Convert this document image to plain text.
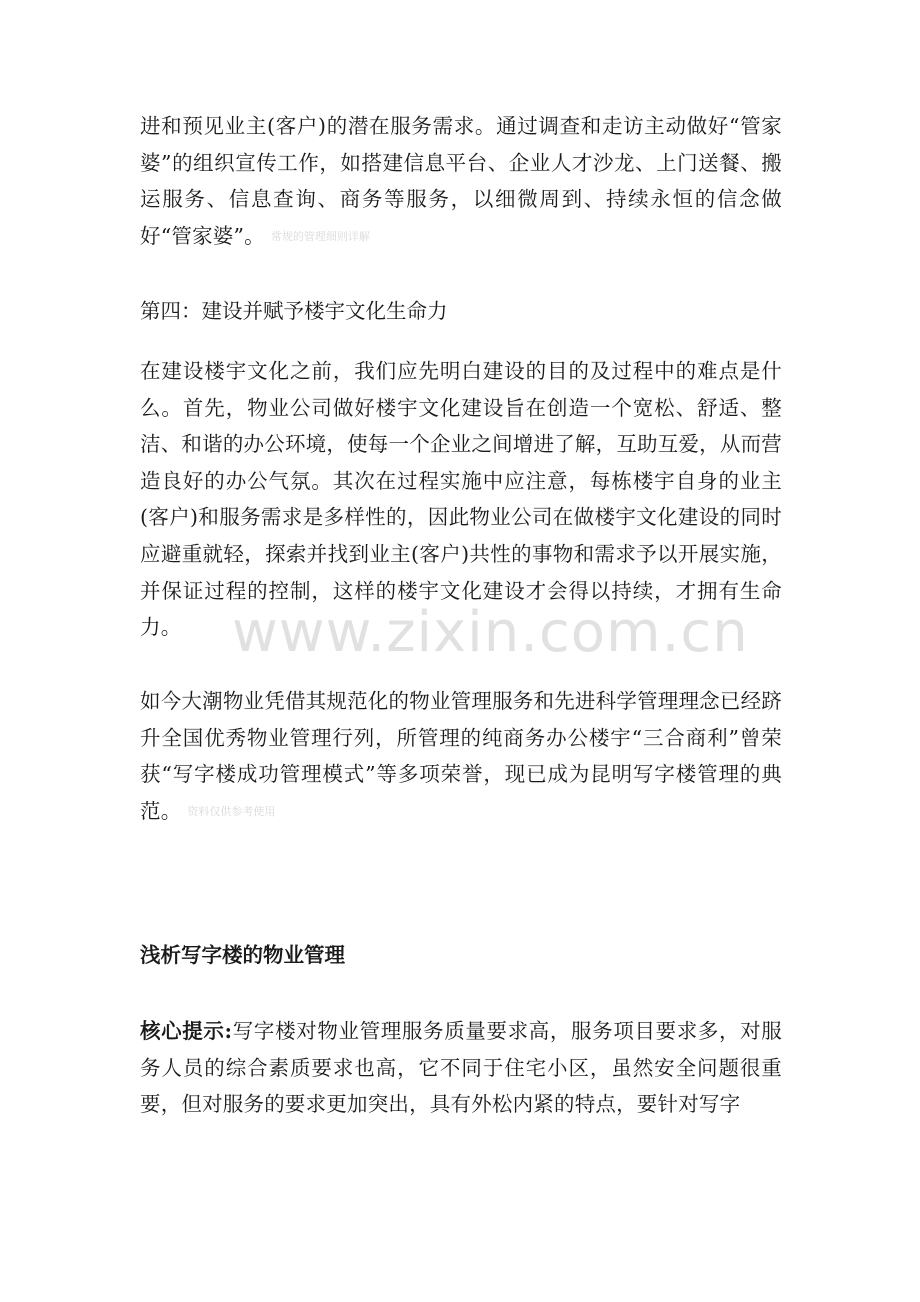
进和预见业主(客户)的潜在服务需求。通过调查和走访主动做好“管家婆”的组织宣传工作，如搭建信息平台、企业人才沙龙、上门送餐、搬运服务、信息查询、商务等服务，以细微周到、持续永恒的信念做好“管家婆”。 常规的管理细则详解

第四：建设并赋予楼宇文化生命力

在建设楼宇文化之前，我们应先明白建设的目的及过程中的难点是什么。首先，物业公司做好楼宇文化建设旨在创造一个宽松、舒适、整洁、和谐的办公环境，使每一个企业之间增进了解，互助互爱，从而营造良好的办公气氛。其次在过程实施中应注意，每栋楼宇自身的业主(客户)和服务需求是多样性的，因此物业公司在做楼宇文化建设的同时应避重就轻，探索并找到业主(客户)共性的事物和需求予以开展实施，并保证过程的控制，这样的楼宇文化建设才会得以持续，才拥有生命力。

如今大潮物业凭借其规范化的物业管理服务和先进科学管理理念已经跻升全国优秀物业管理行列，所管理的纯商务办公楼宇“三合商利”曾荣获“写字楼成功管理模式”等多项荣誉，现已成为昆明写字楼管理的典范。 资料仅供参考使用

浅析写字楼的物业管理

核心提示:写字楼对物业管理服务质量要求高，服务项目要求多，对服务人员的综合素质要求也高，它不同于住宅小区，虽然安全问题很重要，但对服务的要求更加突出，具有外松内紧的特点，要针对写字

www.zixin.com.cn
